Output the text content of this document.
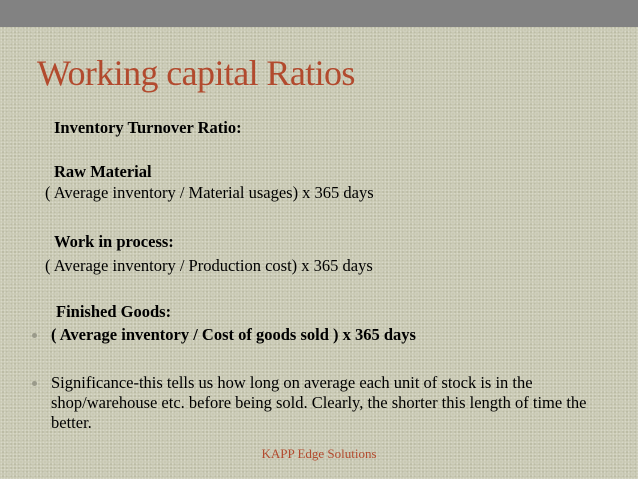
Working capital Ratios
Inventory Turnover Ratio:
Raw Material
( Average inventory / Material usages) x 365 days
Work in process:
( Average inventory / Production cost) x 365 days
Finished Goods:
( Average inventory / Cost of goods sold ) x 365 days
Significance-this tells us how long on average each unit of stock is in the shop/warehouse etc. before being sold. Clearly, the shorter this length of time the better.
KAPP Edge Solutions
